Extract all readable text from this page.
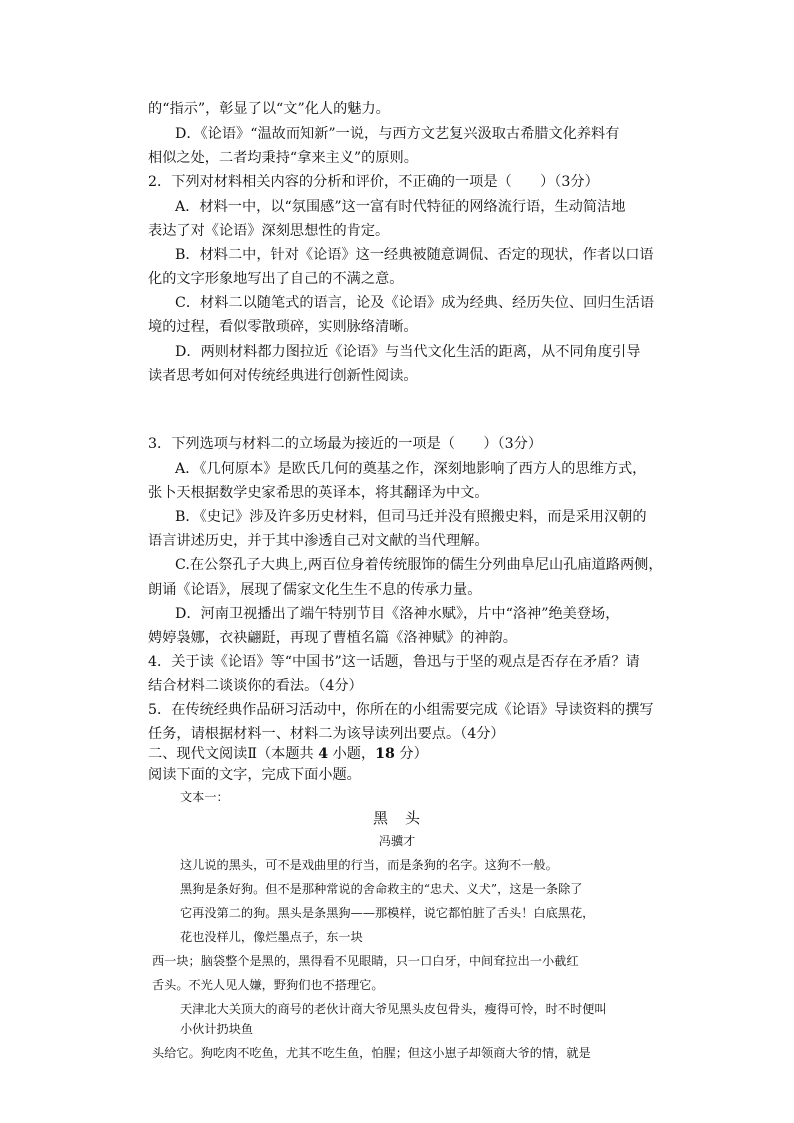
的“指示”，彰显了以“文”化人的魅力。
D．《论语》“温故而知新”一说，与西方文艺复兴汲取古希腊文化养料有
相似之处，二者均秉持“拿来主义”的原则。
2．下列对材料相关内容的分析和评价，不正确的一项是（　　）（3分）
A．材料一中，以“氛围感”这一富有时代特征的网络流行语，生动简洁地
表达了对《论语》深刻思想性的肯定。
B．材料二中，针对《论语》这一经典被随意调侃、否定的现状，作者以口语
化的文字形象地写出了自己的不满之意。
C．材料二以随笔式的语言，论及《论语》成为经典、经历失位、回归生活语
境的过程，看似零散琐碎，实则脉络清晰。
D．两则材料都力图拉近《论语》与当代文化生活的距离，从不同角度引导
读者思考如何对传统经典进行创新性阅读。
3．下列选项与材料二的立场最为接近的一项是（　　）（3分）
A．《几何原本》是欧氏几何的奠基之作，深刻地影响了西方人的思维方式，
张卜天根据数学史家希思的英译本，将其翻译为中文。
B．《史记》涉及许多历史材料，但司马迁并没有照搬史料，而是采用汉朝的
语言讲述历史，并于其中渗透自己对文献的当代理解。
C.在公祭孔子大典上,两百位身着传统服饰的儒生分列曲阜尼山孔庙道路两侧，
朗诵《论语》，展现了儒家文化生生不息的传承力量。
D．河南卫视播出了端午特别节目《洛神水赋》，片中“洛神”绝美登场，
娉婷袅娜，衣袂翩跹，再现了曹植名篇《洛神赋》的神韵。
4．关于读《论语》等“中国书”这一话题，鲁迅与于坚的观点是否存在矛盾？请
结合材料二谈谈你的看法。（4分）
5．在传统经典作品研习活动中，你所在的小组需要完成《论语》导读资料的撰写
任务，请根据材料一、材料二为该导读列出要点。（4分）
二、现代文阅读Ⅱ（本题共 4 小题，18 分）
阅读下面的文字，完成下面小题。
文本一：
黑　头
冯骥才
这儿说的黑头，可不是戏曲里的行当，而是条狗的名字。这狗不一般。
黑狗是条好狗。但不是那种常说的舍命救主的“忠犬、义犬”，这是一条除了
它再没第二的狗。黑头是条黑狗——那模样，说它都怕脏了舌头！白底黑花，
花也没样儿，像烂墨点子，东一块
西一块；脑袋整个是黑的，黑得看不见眼睛，只一口白牙，中间耷拉出一小截红
舌头。不光人见人嫌，野狗们也不搭理它。
天津北大关顶大的商号的老伙计商大爷见黑头皮包骨头，瘦得可怜，时不时便叫
小伙计扔块鱼
头给它。狗吃肉不吃鱼，尤其不吃生鱼，怕腥；但这小崽子却领商大爷的情，就是
